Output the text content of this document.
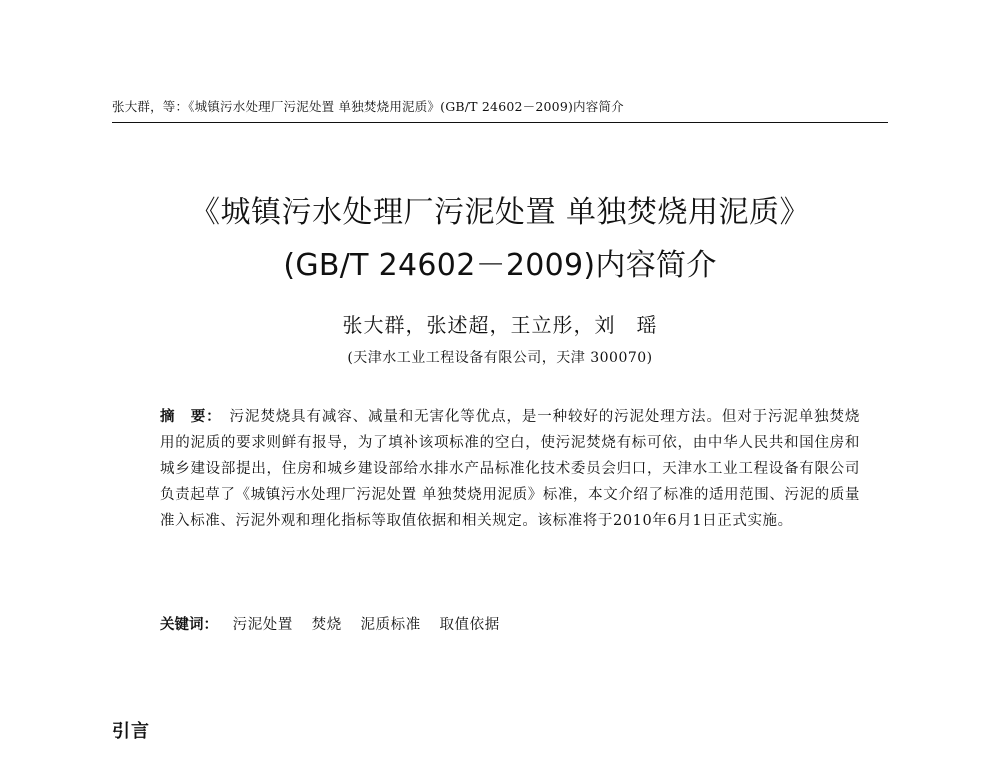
张大群，等：《城镇污水处理厂污泥处置 单独焚烧用泥质》(GB/T 24602－2009)内容简介
《城镇污水处理厂污泥处置 单独焚烧用泥质》
(GB/T 24602－2009)内容简介
张大群，张述超，王立彤，刘　瑶
(天津水工业工程设备有限公司，天津 300070)
摘　要： 污泥焚烧具有减容、减量和无害化等优点，是一种较好的污泥处理方法。但对于污泥单独焚烧用的泥质的要求则鲜有报导，为了填补该项标准的空白，使污泥焚烧有标可依，由中华人民共和国住房和城乡建设部提出，住房和城乡建设部给水排水产品标准化技术委员会归口，天津水工业工程设备有限公司负责起草了《城镇污水处理厂污泥处置 单独焚烧用泥质》标准，本文介绍了标准的适用范围、污泥的质量准入标准、污泥外观和理化指标等取值依据和相关规定。该标准将于2010年6月1日正式实施。
关键词： 污泥处置 焚烧 泥质标准 取值依据
引言
